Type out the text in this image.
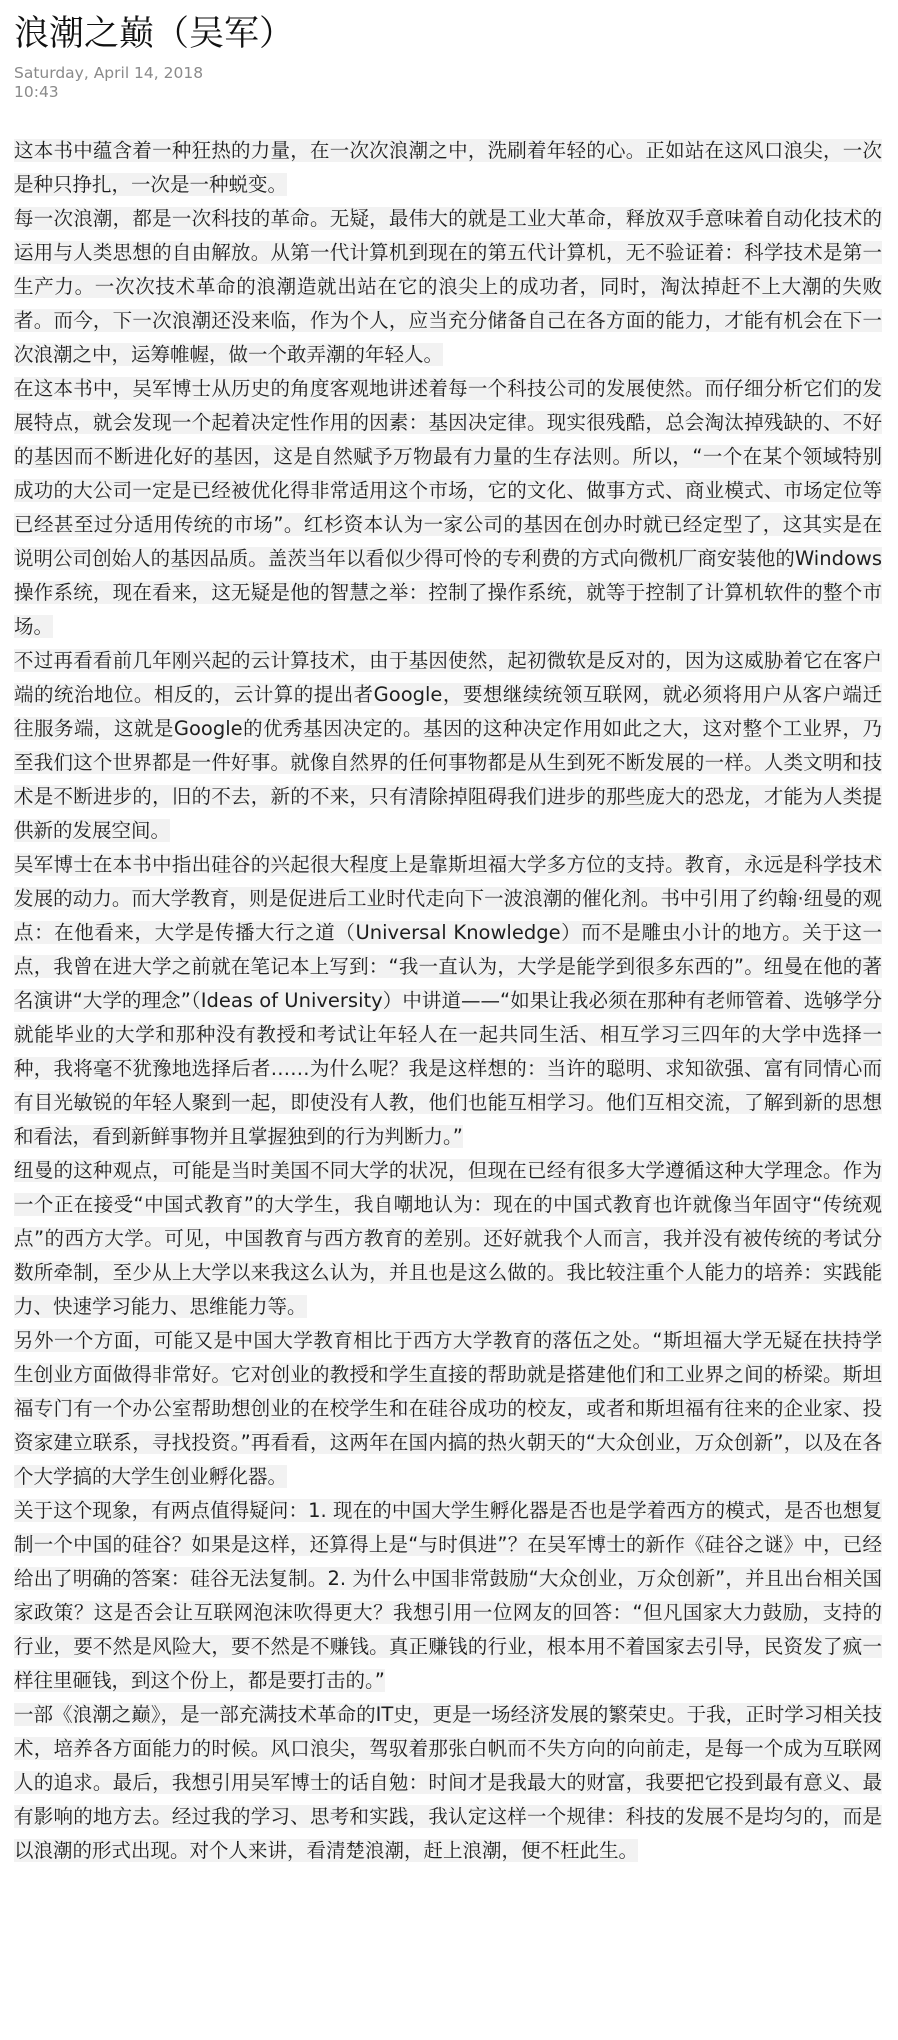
浪潮之巅（吴军）
Saturday, April 14, 2018
10:43

这本书中蕴含着一种狂热的力量，在一次次浪潮之中，洗刷着年轻的心。正如站在这风口浪尖，一次是种只挣扎，一次是一种蜕变。

每一次浪潮，都是一次科技的革命。无疑，最伟大的就是工业大革命，释放双手意味着自动化技术的运用与人类思想的自由解放。从第一代计算机到现在的第五代计算机，无不验证着：科学技术是第一生产力。一次次技术革命的浪潮造就出站在它的浪尖上的成功者，同时，淘汰掉赶不上大潮的失败者。而今，下一次浪潮还没来临，作为个人，应当充分储备自己在各方面的能力，才能有机会在下一次浪潮之中，运筹帷幄，做一个敢弄潮的年轻人。

在这本书中，吴军博士从历史的角度客观地讲述着每一个科技公司的发展使然。而仔细分析它们的发展特点，就会发现一个起着决定性作用的因素：基因决定律。现实很残酷，总会淘汰掉残缺的、不好的基因而不断进化好的基因，这是自然赋予万物最有力量的生存法则。所以，“一个在某个领域特别成功的大公司一定是已经被优化得非常适用这个市场，它的文化、做事方式、商业模式、市场定位等已经甚至过分适用传统的市场”。红杉资本认为一家公司的基因在创办时就已经定型了，这其实是在说明公司创始人的基因品质。盖茨当年以看似少得可怜的专利费的方式向微机厂商安装他的Windows操作系统，现在看来，这无疑是他的智慧之举：控制了操作系统，就等于控制了计算机软件的整个市场。

不过再看看前几年刚兴起的云计算技术，由于基因使然，起初微软是反对的，因为这威胁着它在客户端的统治地位。相反的，云计算的提出者Google，要想继续统领互联网，就必须将用户从客户端迁往服务端，这就是Google的优秀基因决定的。基因的这种决定作用如此之大，这对整个工业界，乃至我们这个世界都是一件好事。就像自然界的任何事物都是从生到死不断发展的一样。人类文明和技术是不断进步的，旧的不去，新的不来，只有清除掉阻碍我们进步的那些庞大的恐龙，才能为人类提供新的发展空间。

吴军博士在本书中指出硅谷的兴起很大程度上是靠斯坦福大学多方位的支持。教育，永远是科学技术发展的动力。而大学教育，则是促进后工业时代走向下一波浪潮的催化剂。书中引用了约翰·纽曼的观点：在他看来，大学是传播大行之道（Universal Knowledge）而不是雕虫小计的地方。关于这一点，我曾在进大学之前就在笔记本上写到：“我一直认为，大学是能学到很多东西的”。纽曼在他的著名演讲“大学的理念”（Ideas of University）中讲道——“如果让我必须在那种有老师管着、选够学分就能毕业的大学和那种没有教授和考试让年轻人在一起共同生活、相互学习三四年的大学中选择一种，我将毫不犹豫地选择后者……为什么呢？我是这样想的：当许的聪明、求知欲强、富有同情心而有目光敏锐的年轻人聚到一起，即使没有人教，他们也能互相学习。他们互相交流，了解到新的思想和看法，看到新鲜事物并且掌握独到的行为判断力。”

纽曼的这种观点，可能是当时美国不同大学的状况，但现在已经有很多大学遵循这种大学理念。作为一个正在接受“中国式教育”的大学生，我自嘲地认为：现在的中国式教育也许就像当年固守“传统观点”的西方大学。可见，中国教育与西方教育的差别。还好就我个人而言，我并没有被传统的考试分数所牵制，至少从上大学以来我这么认为，并且也是这么做的。我比较注重个人能力的培养：实践能力、快速学习能力、思维能力等。

另外一个方面，可能又是中国大学教育相比于西方大学教育的落伍之处。“斯坦福大学无疑在扶持学生创业方面做得非常好。它对创业的教授和学生直接的帮助就是搭建他们和工业界之间的桥梁。斯坦福专门有一个办公室帮助想创业的在校学生和在硅谷成功的校友，或者和斯坦福有往来的企业家、投资家建立联系，寻找投资。”再看看，这两年在国内搞的热火朝天的“大众创业，万众创新”，以及在各个大学搞的大学生创业孵化器。

关于这个现象，有两点值得疑问：1. 现在的中国大学生孵化器是否也是学着西方的模式，是否也想复制一个中国的硅谷？如果是这样，还算得上是“与时俱进”？在吴军博士的新作《硅谷之谜》中，已经给出了明确的答案：硅谷无法复制。2. 为什么中国非常鼓励“大众创业，万众创新”，并且出台相关国家政策？这是否会让互联网泡沫吹得更大？我想引用一位网友的回答：“但凡国家大力鼓励，支持的行业，要不然是风险大，要不然是不赚钱。真正赚钱的行业，根本用不着国家去引导，民资发了疯一样往里砸钱，到这个份上，都是要打击的。”

一部《浪潮之巅》，是一部充满技术革命的IT史，更是一场经济发展的繁荣史。于我，正时学习相关技术，培养各方面能力的时候。风口浪尖，驾驭着那张白帆而不失方向的向前走，是每一个成为互联网人的追求。最后，我想引用吴军博士的话自勉：时间才是我最大的财富，我要把它投到最有意义、最有影响的地方去。经过我的学习、思考和实践，我认定这样一个规律：科技的发展不是均匀的，而是以浪潮的形式出现。对个人来讲，看清楚浪潮，赶上浪潮，便不枉此生。
